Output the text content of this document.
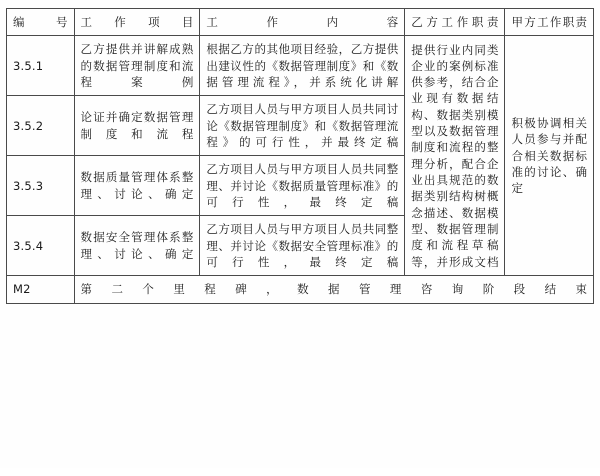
编号	工作项目	工作内容	乙方工作职责	甲方工作职责
3.5.1	乙方提供并讲解成熟的数据管理制度和流程案例	根据乙方的其他项目经验，乙方提供出建议性的《数据管理制度》和《数据管理流程》，并系统化讲解	提供行业内同类企业的案例标准供参考，结合企业现有数据结构、数据类别模型以及数据管理制度和流程的整理分析，配合企业出具规范的数据类别结构树概念描述、数据模型、数据管理制度和流程草稿等，并形成文档	积极协调相关人员参与并配合相关数据标准的讨论、确定
3.5.2	论证并确定数据管理制度和流程	乙方项目人员与甲方项目人员共同讨论《数据管理制度》和《数据管理流程》的可行性，并最终定稿		
3.5.3	数据质量管理体系整理、讨论、确定	乙方项目人员与甲方项目人员共同整理、并讨论《数据质量管理标准》的可行性，最终定稿		
3.5.4	数据安全管理体系整理、讨论、确定	乙方项目人员与甲方项目人员共同整理、并讨论《数据安全管理标准》的可行性，最终定稿		
M2	第二个里程碑，数据管理咨询阶段结束			
